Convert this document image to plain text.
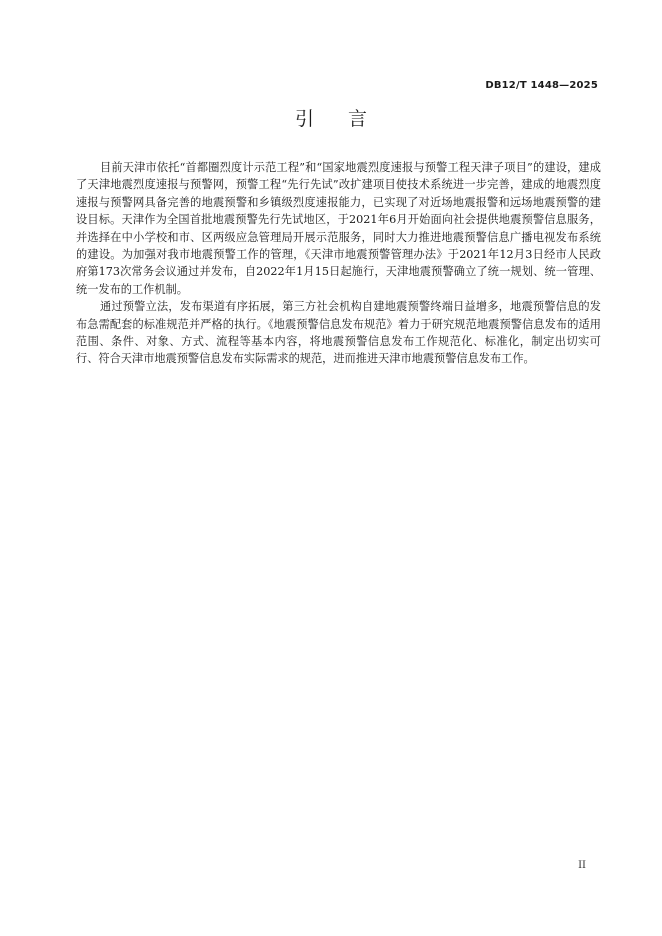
DB12/T 1448—2025
引言

目前天津市依托“首都圈烈度计示范工程”和“国家地震烈度速报与预警工程天津子项目”的建设，建成了天津地震烈度速报与预警网，预警工程“先行先试”改扩建项目使技术系统进一步完善，建成的地震烈度速报与预警网具备完善的地震预警和乡镇级烈度速报能力，已实现了对近场地震报警和远场地震预警的建设目标。天津作为全国首批地震预警先行先试地区，于2021年6月开始面向社会提供地震预警信息服务，并选择在中小学校和市、区两级应急管理局开展示范服务，同时大力推进地震预警信息广播电视发布系统的建设。为加强对我市地震预警工作的管理，《天津市地震预警管理办法》于2021年12月3日经市人民政府第173次常务会议通过并发布，自2022年1月15日起施行，天津地震预警确立了统一规划、统一管理、统一发布的工作机制。

通过预警立法，发布渠道有序拓展，第三方社会机构自建地震预警终端日益增多，地震预警信息的发布急需配套的标准规范并严格的执行。《地震预警信息发布规范》着力于研究规范地震预警信息发布的适用范围、条件、对象、方式、流程等基本内容，将地震预警信息发布工作规范化、标准化，制定出切实可行、符合天津市地震预警信息发布实际需求的规范，进而推进天津市地震预警信息发布工作。

II
